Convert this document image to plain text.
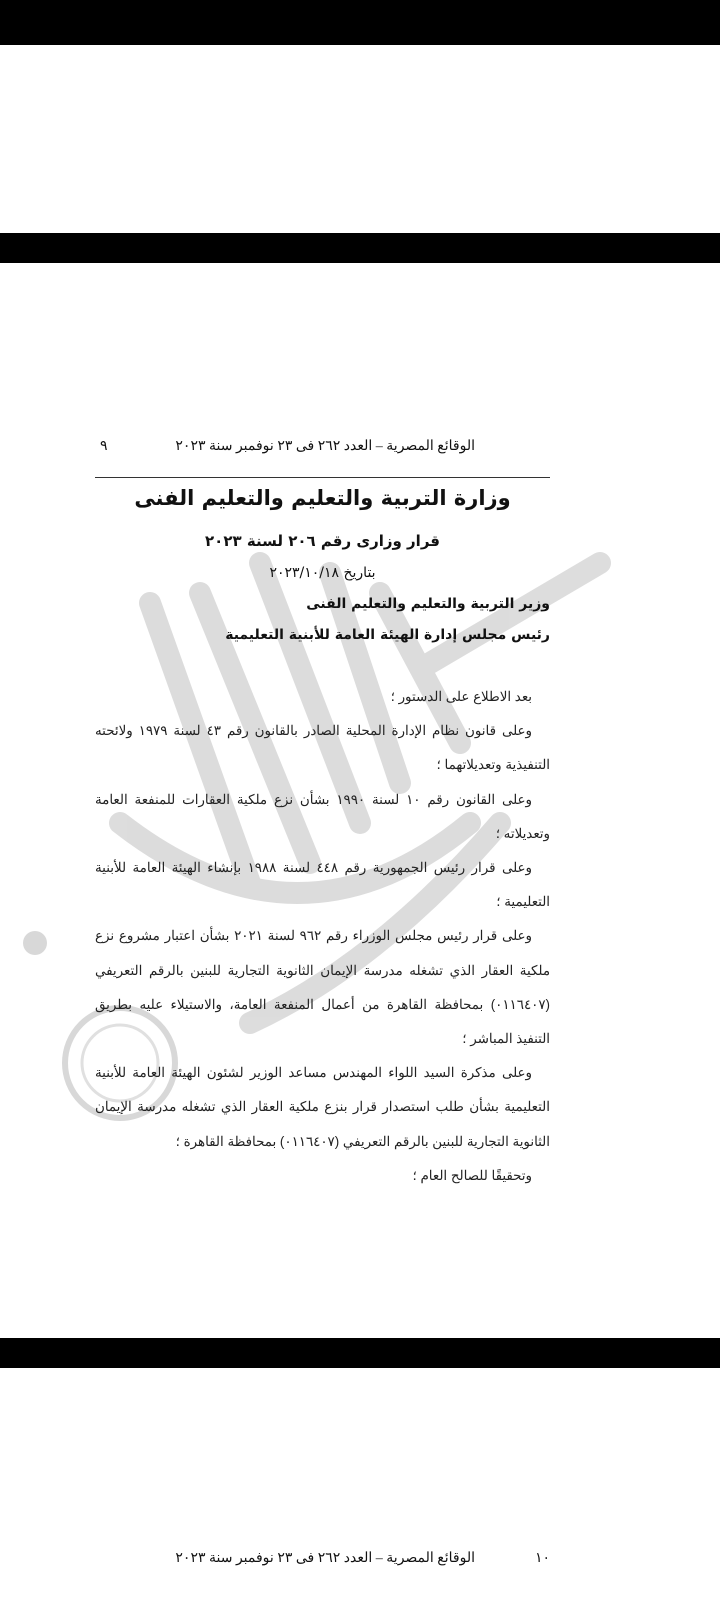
الوقائع المصرية – العدد ٢٦٢ فى ٢٣ نوفمبر سنة ٢٠٢٣
٩
وزارة التربية والتعليم والتعليم الفنى
قرار وزارى رقم ٢٠٦ لسنة ٢٠٢٣
بتاريخ ٢٠٢٣/١٠/١٨
وزير التربية والتعليم والتعليم الفنى
رئيس مجلس إدارة الهيئة العامة للأبنية التعليمية

بعد الاطلاع على الدستور ؛

وعلى قانون نظام الإدارة المحلية الصادر بالقانون رقم ٤٣ لسنة ١٩٧٩ ولائحته التنفيذية وتعديلاتهما ؛

وعلى القانون رقم ١٠ لسنة ١٩٩٠ بشأن نزع ملكية العقارات للمنفعة العامة وتعديلاته ؛

وعلى قرار رئيس الجمهورية رقم ٤٤٨ لسنة ١٩٨٨ بإنشاء الهيئة العامة للأبنية التعليمية ؛

وعلى قرار رئيس مجلس الوزراء رقم ٩٦٢ لسنة ٢٠٢١ بشأن اعتبار مشروع نزع ملكية العقار الذي تشغله مدرسة الإيمان الثانوية التجارية للبنين بالرقم التعريفي (٠١١٦٤٠٧) بمحافظة القاهرة من أعمال المنفعة العامة، والاستيلاء عليه بطريق التنفيذ المباشر ؛

وعلى مذكرة السيد اللواء المهندس مساعد الوزير لشئون الهيئة العامة للأبنية التعليمية بشأن طلب استصدار قرار بنزع ملكية العقار الذي تشغله مدرسة الإيمان الثانوية التجارية للبنين بالرقم التعريفي (٠١١٦٤٠٧) بمحافظة القاهرة ؛

وتحقيقًا للصالح العام ؛

١٠
الوقائع المصرية – العدد ٢٦٢ فى ٢٣ نوفمبر سنة ٢٠٢٣
